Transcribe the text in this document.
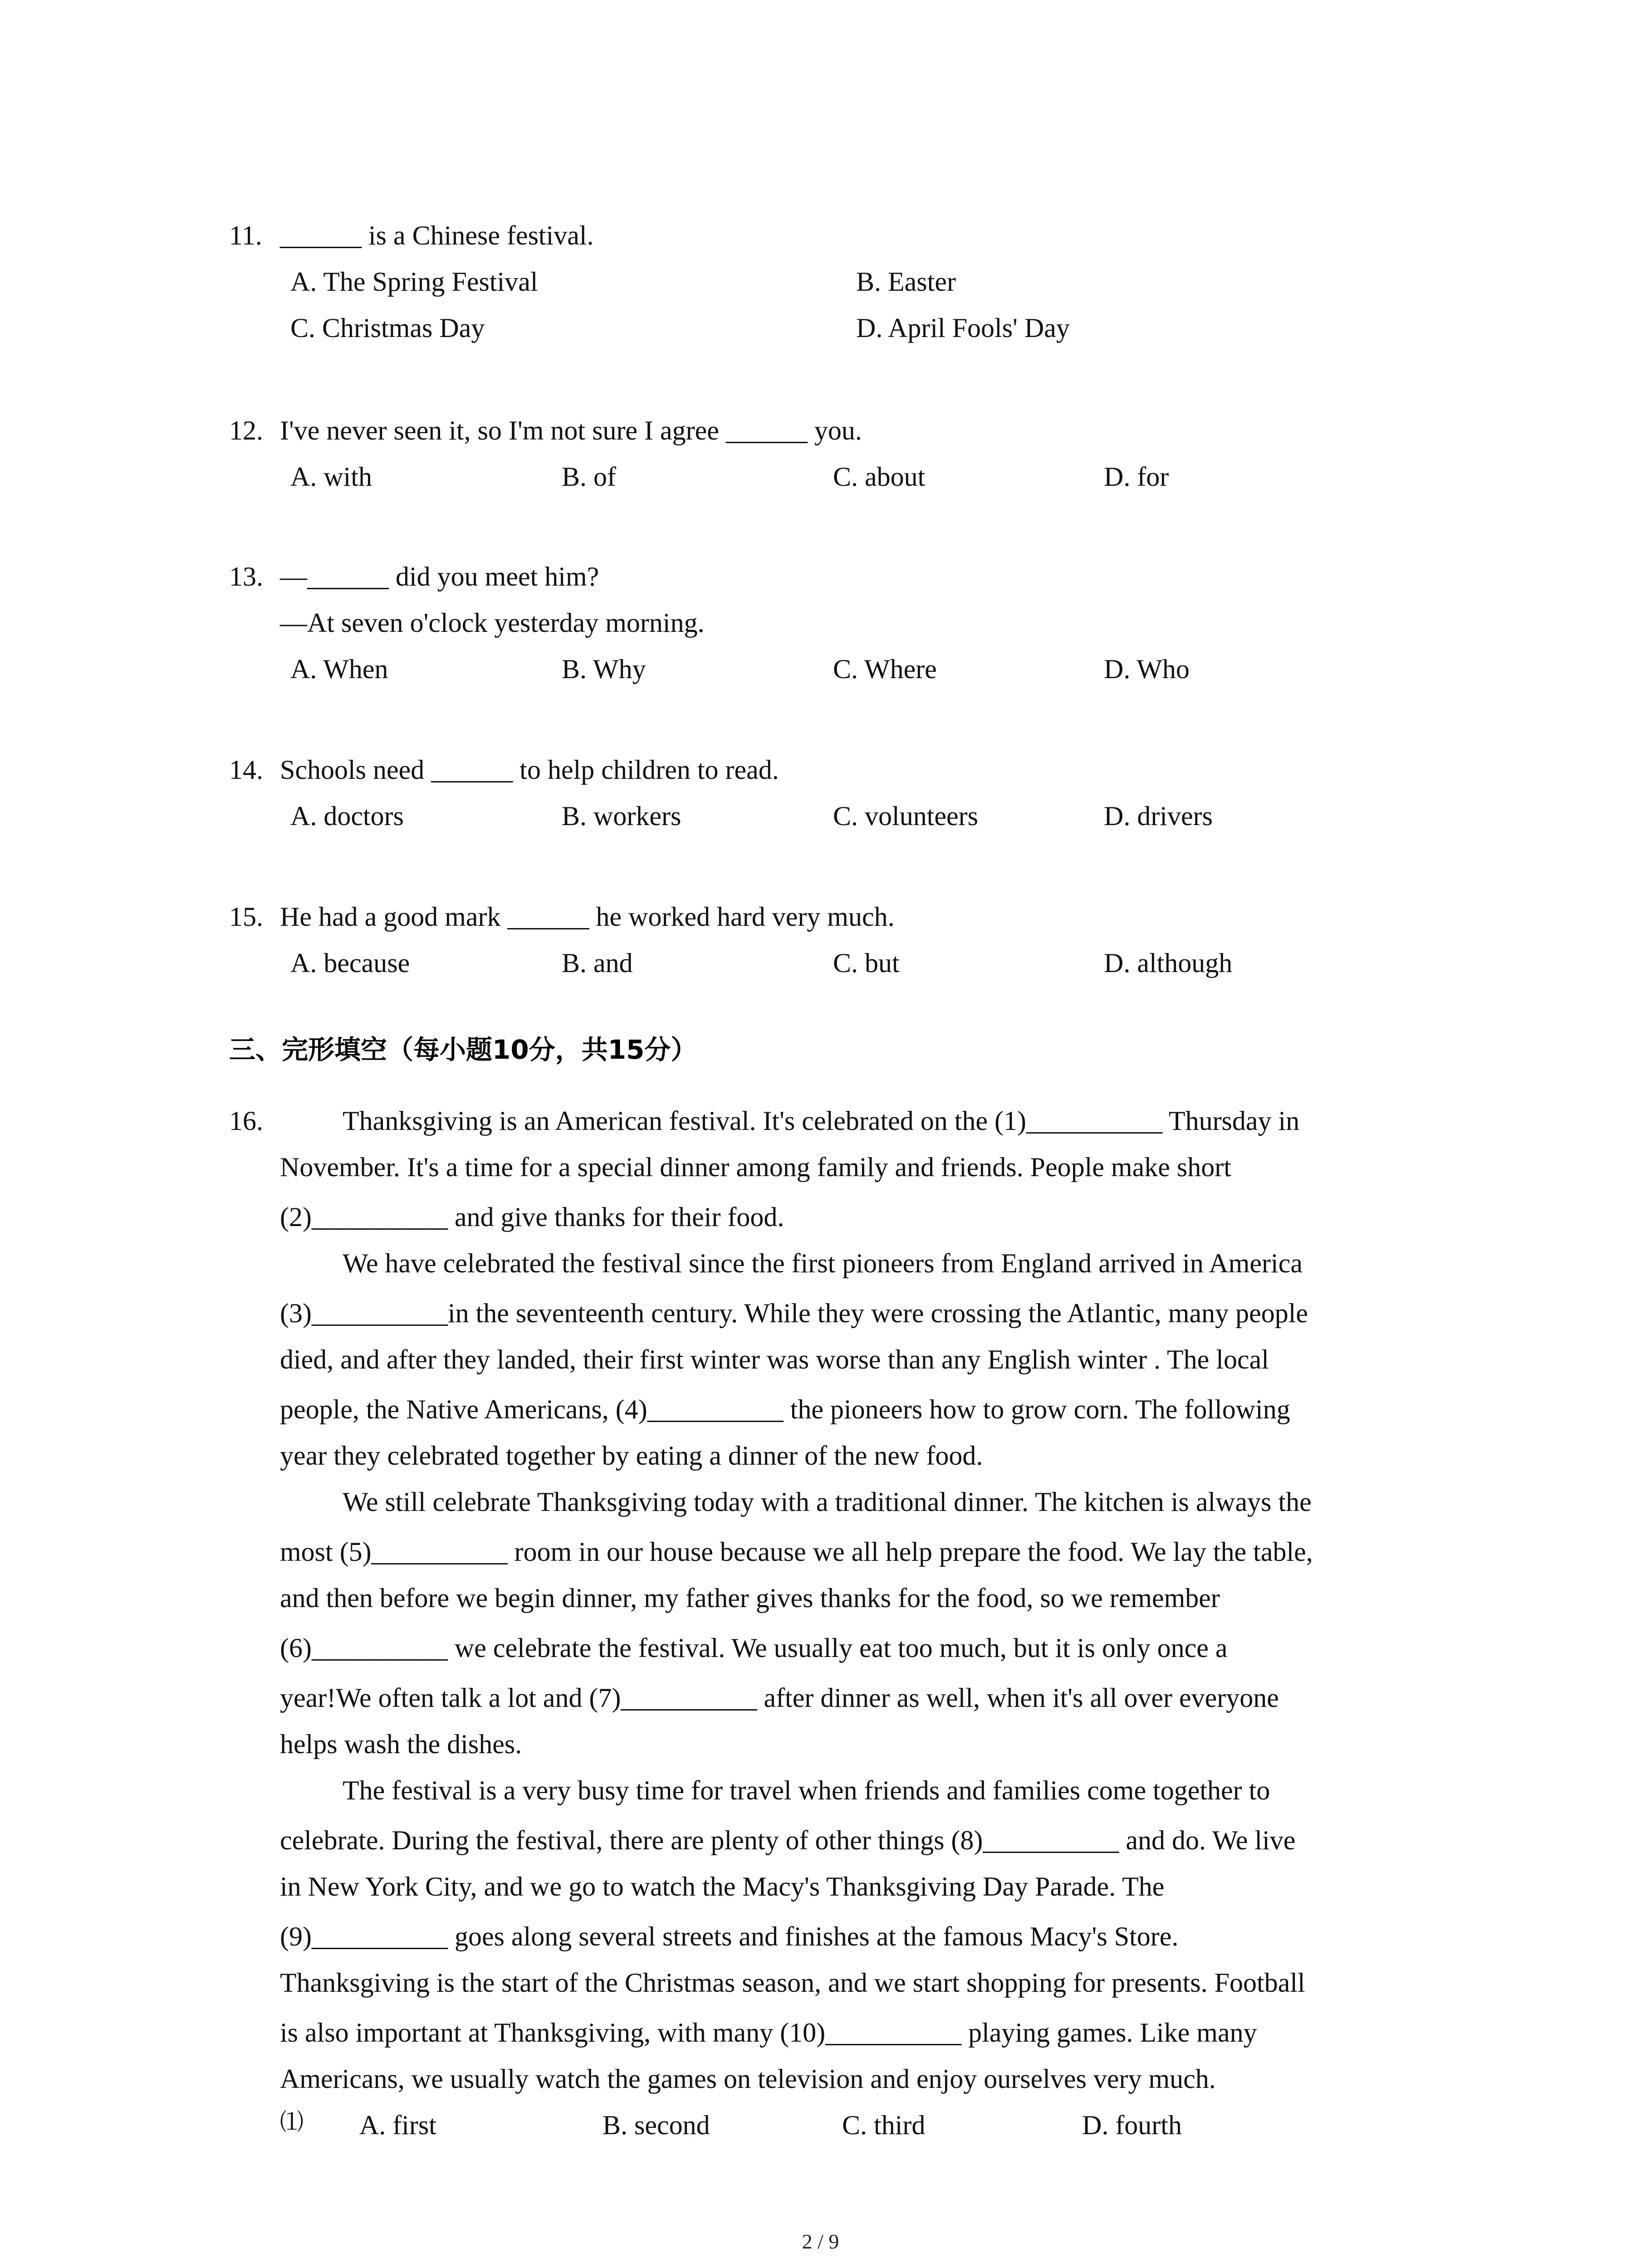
11. ______ is a Chinese festival.
A. The Spring Festival	B. Easter
C. Christmas Day	D. April Fools' Day
12. I've never seen it, so I'm not sure I agree ______ you.
A. with	B. of	C. about	D. for
13. —______ did you meet him?
—At seven o'clock yesterday morning.
A. When	B. Why	C. Where	D. Who
14. Schools need ______ to help children to read.
A. doctors	B. workers	C. volunteers	D. drivers
15. He had a good mark ______ he worked hard very much.
A. because	B. and	C. but	D. although
三、完形填空（每小题10分，共15分）
16.	Thanksgiving is an American festival. It's celebrated on the (1)__________ Thursday in
November. It's a time for a special dinner among family and friends. People make short
(2)__________ and give thanks for their food.
We have celebrated the festival since the first pioneers from England arrived in America
(3)__________in the seventeenth century. While they were crossing the Atlantic, many people
died, and after they landed, their first winter was worse than any English winter . The local
people, the Native Americans, (4)__________ the pioneers how to grow corn. The following
year they celebrated together by eating a dinner of the new food.
We still celebrate Thanksgiving today with a traditional dinner. The kitchen is always the
most (5)__________ room in our house because we all help prepare the food. We lay the table,
and then before we begin dinner, my father gives thanks for the food, so we remember
(6)__________ we celebrate the festival. We usually eat too much, but it is only once a
year!We often talk a lot and (7)__________ after dinner as well, when it's all over everyone
helps wash the dishes.
The festival is a very busy time for travel when friends and families come together to
celebrate. During the festival, there are plenty of other things (8)__________ and do. We live
in New York City, and we go to watch the Macy's Thanksgiving Day Parade. The
(9)__________ goes along several streets and finishes at the famous Macy's Store.
Thanksgiving is the start of the Christmas season, and we start shopping for presents. Football
is also important at Thanksgiving, with many (10)__________ playing games. Like many
Americans, we usually watch the games on television and enjoy ourselves very much.
⑴ A. first	B. second	C. third	D. fourth
2 / 9
